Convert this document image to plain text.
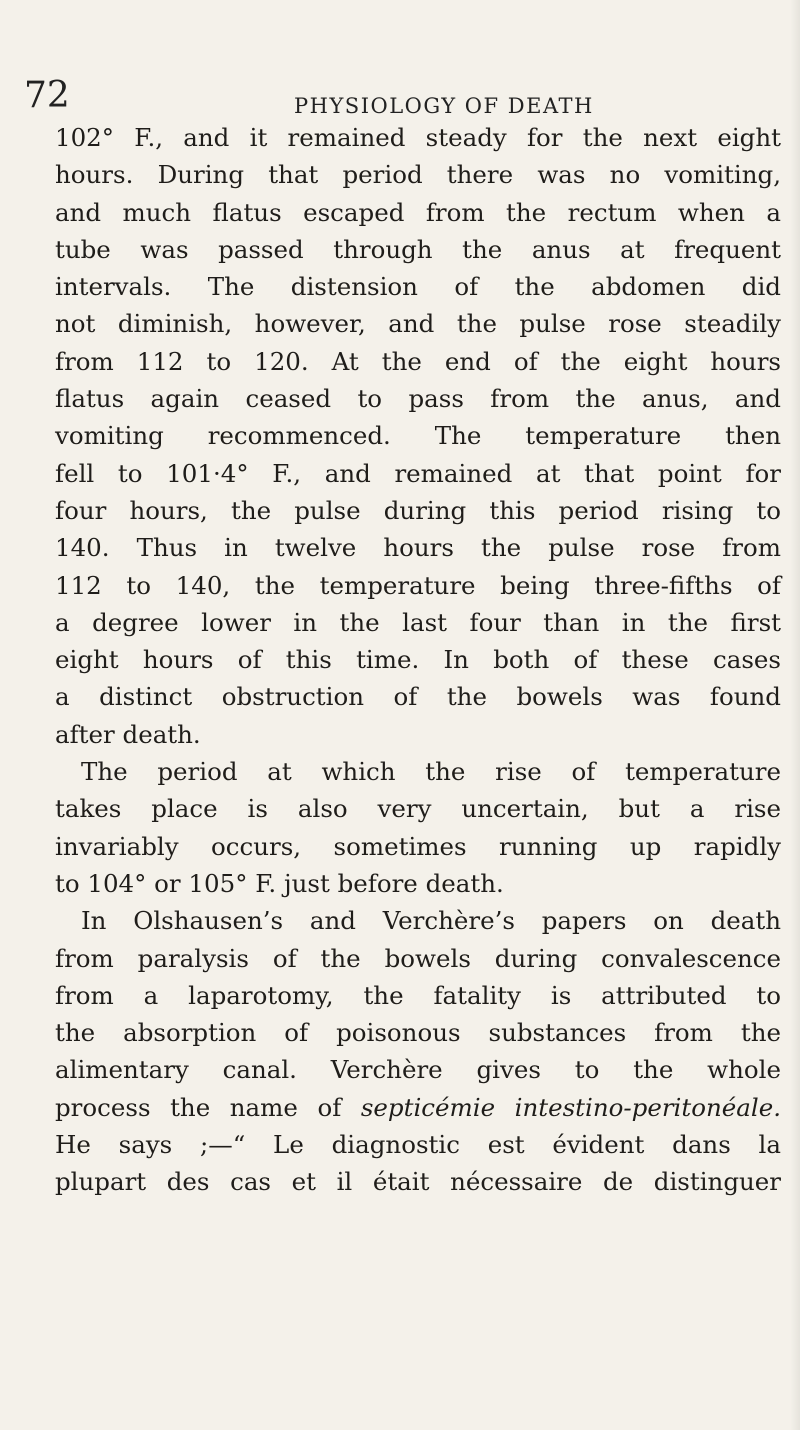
72	PHYSIOLOGY OF DEATH
102° F., and it remained steady for the next eight
hours. During that period there was no vomiting,
and much flatus escaped from the rectum when a
tube was passed through the anus at frequent
intervals. The distension of the abdomen did
not diminish, however, and the pulse rose steadily
from 112 to 120. At the end of the eight hours
flatus again ceased to pass from the anus, and
vomiting recommenced. The temperature then
fell to 101·4° F., and remained at that point for
four hours, the pulse during this period rising to
140. Thus in twelve hours the pulse rose from
112 to 140, the temperature being three-fifths of
a degree lower in the last four than in the first
eight hours of this time. In both of these cases
a distinct obstruction of the bowels was found
after death.
The period at which the rise of temperature
takes place is also very uncertain, but a rise
invariably occurs, sometimes running up rapidly
to 104° or 105° F. just before death.
In Olshausen’s and Verchère’s papers on death
from paralysis of the bowels during convalescence
from a laparotomy, the fatality is attributed to
the absorption of poisonous substances from the
alimentary canal. Verchère gives to the whole
process the name of septicémie intestino-peritonéale.
He says ;—“ Le diagnostic est évident dans la
plupart des cas et il était nécessaire de distinguer
